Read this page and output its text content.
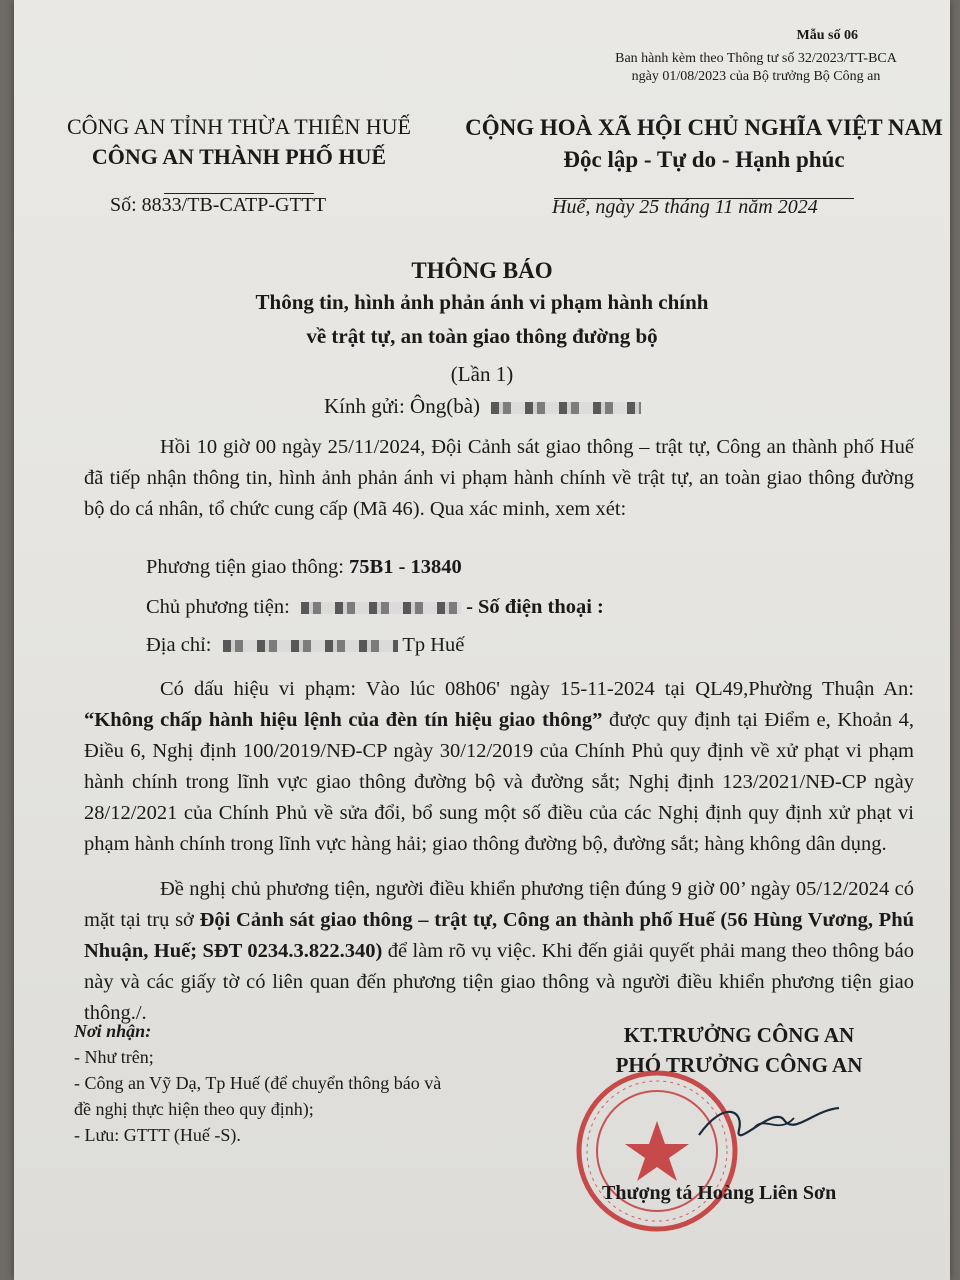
Mẫu số 06
Ban hành kèm theo Thông tư số 32/2023/TT-BCA
ngày 01/08/2023 của Bộ trưởng Bộ Công an
CÔNG AN TỈNH THỪA THIÊN HUẾ
CÔNG AN THÀNH PHỐ HUẾ
CỘNG HOÀ XÃ HỘI CHỦ NGHĨA VIỆT NAM
Độc lập - Tự do - Hạnh phúc
Số: 8833/TB-CATP-GTTT	Huế, ngày 25 tháng 11 năm 2024
THÔNG BÁO
Thông tin, hình ảnh phản ánh vi phạm hành chính
về trật tự, an toàn giao thông đường bộ
(Lần 1)
Kính gửi: Ông(bà)
Hồi 10 giờ 00 ngày 25/11/2024, Đội Cảnh sát giao thông – trật tự, Công an thành phố Huế đã tiếp nhận thông tin, hình ảnh phản ánh vi phạm hành chính về trật tự, an toàn giao thông đường bộ do cá nhân, tổ chức cung cấp (Mã 46). Qua xác minh, xem xét:
Phương tiện giao thông: 75B1 - 13840
Chủ phương tiện:	- Số điện thoại :
Địa chỉ:	Tp Huế
Có dấu hiệu vi phạm: Vào lúc 08h06' ngày 15-11-2024 tại QL49,Phường Thuận An: “Không chấp hành hiệu lệnh của đèn tín hiệu giao thông” được quy định tại Điểm e, Khoản 4, Điều 6, Nghị định 100/2019/NĐ-CP ngày 30/12/2019 của Chính Phủ quy định về xử phạt vi phạm hành chính trong lĩnh vực giao thông đường bộ và đường sắt; Nghị định 123/2021/NĐ-CP ngày 28/12/2021 của Chính Phủ về sửa đổi, bổ sung một số điều của các Nghị định quy định xử phạt vi phạm hành chính trong lĩnh vực hàng hải; giao thông đường bộ, đường sắt; hàng không dân dụng.
Đề nghị chủ phương tiện, người điều khiển phương tiện đúng 9 giờ 00’ ngày 05/12/2024 có mặt tại trụ sở Đội Cảnh sát giao thông – trật tự, Công an thành phố Huế (56 Hùng Vương, Phú Nhuận, Huế; SĐT 0234.3.822.340) để làm rõ vụ việc. Khi đến giải quyết phải mang theo thông báo này và các giấy tờ có liên quan đến phương tiện giao thông và người điều khiển phương tiện giao thông./.
Nơi nhận:
- Như trên;
- Công an Vỹ Dạ, Tp Huế (để chuyển thông báo và
đề nghị thực hiện theo quy định);
- Lưu: GTTT (Huế -S).
KT.TRƯỞNG CÔNG AN
PHÓ TRƯỞNG CÔNG AN
Thượng tá Hoàng Liên Sơn
